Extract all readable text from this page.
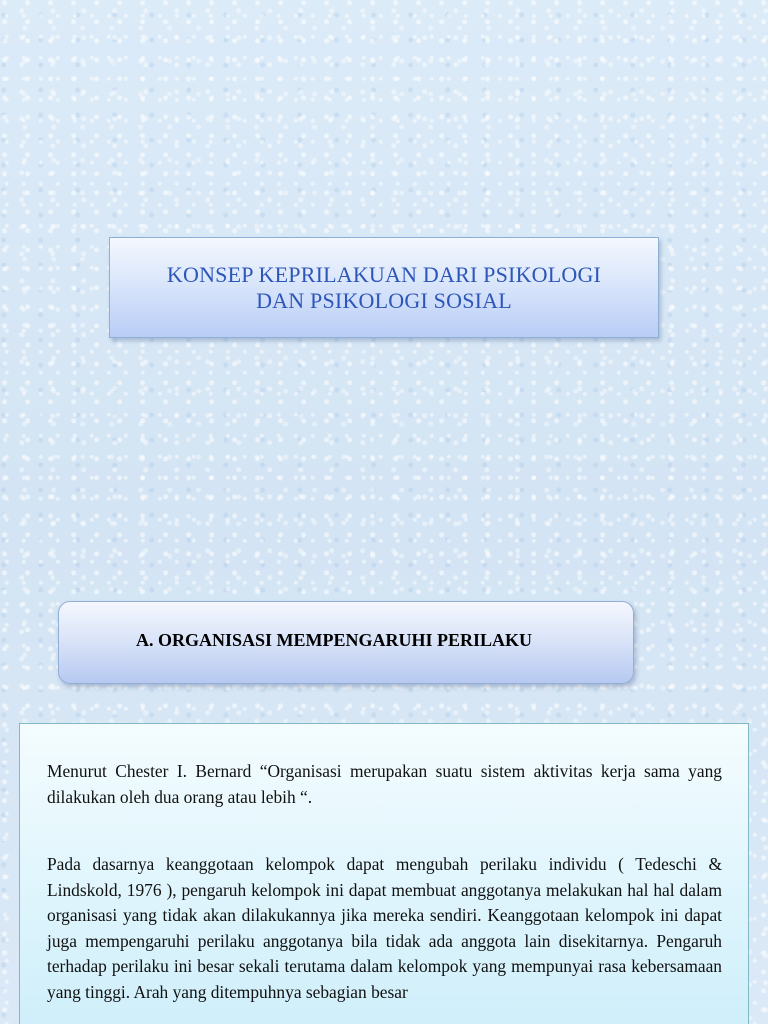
KONSEP KEPRILAKUAN DARI PSIKOLOGI
DAN PSIKOLOGI SOSIAL
A. ORGANISASI MEMPENGARUHI PERILAKU

Menurut Chester I. Bernard “Organisasi merupakan suatu sistem aktivitas kerja sama yang dilakukan oleh dua orang atau lebih “.

Pada dasarnya keanggotaan kelompok dapat mengubah perilaku individu ( Tedeschi & Lindskold, 1976 ), pengaruh kelompok ini dapat membuat anggotanya melakukan hal hal dalam organisasi yang tidak akan dilakukannya jika mereka sendiri. Keanggotaan kelompok ini dapat juga mempengaruhi perilaku anggotanya bila tidak ada anggota lain disekitarnya. Pengaruh terhadap perilaku ini besar sekali terutama dalam kelompok yang mempunyai rasa kebersamaan yang tinggi. Arah yang ditempuhnya sebagian besar
